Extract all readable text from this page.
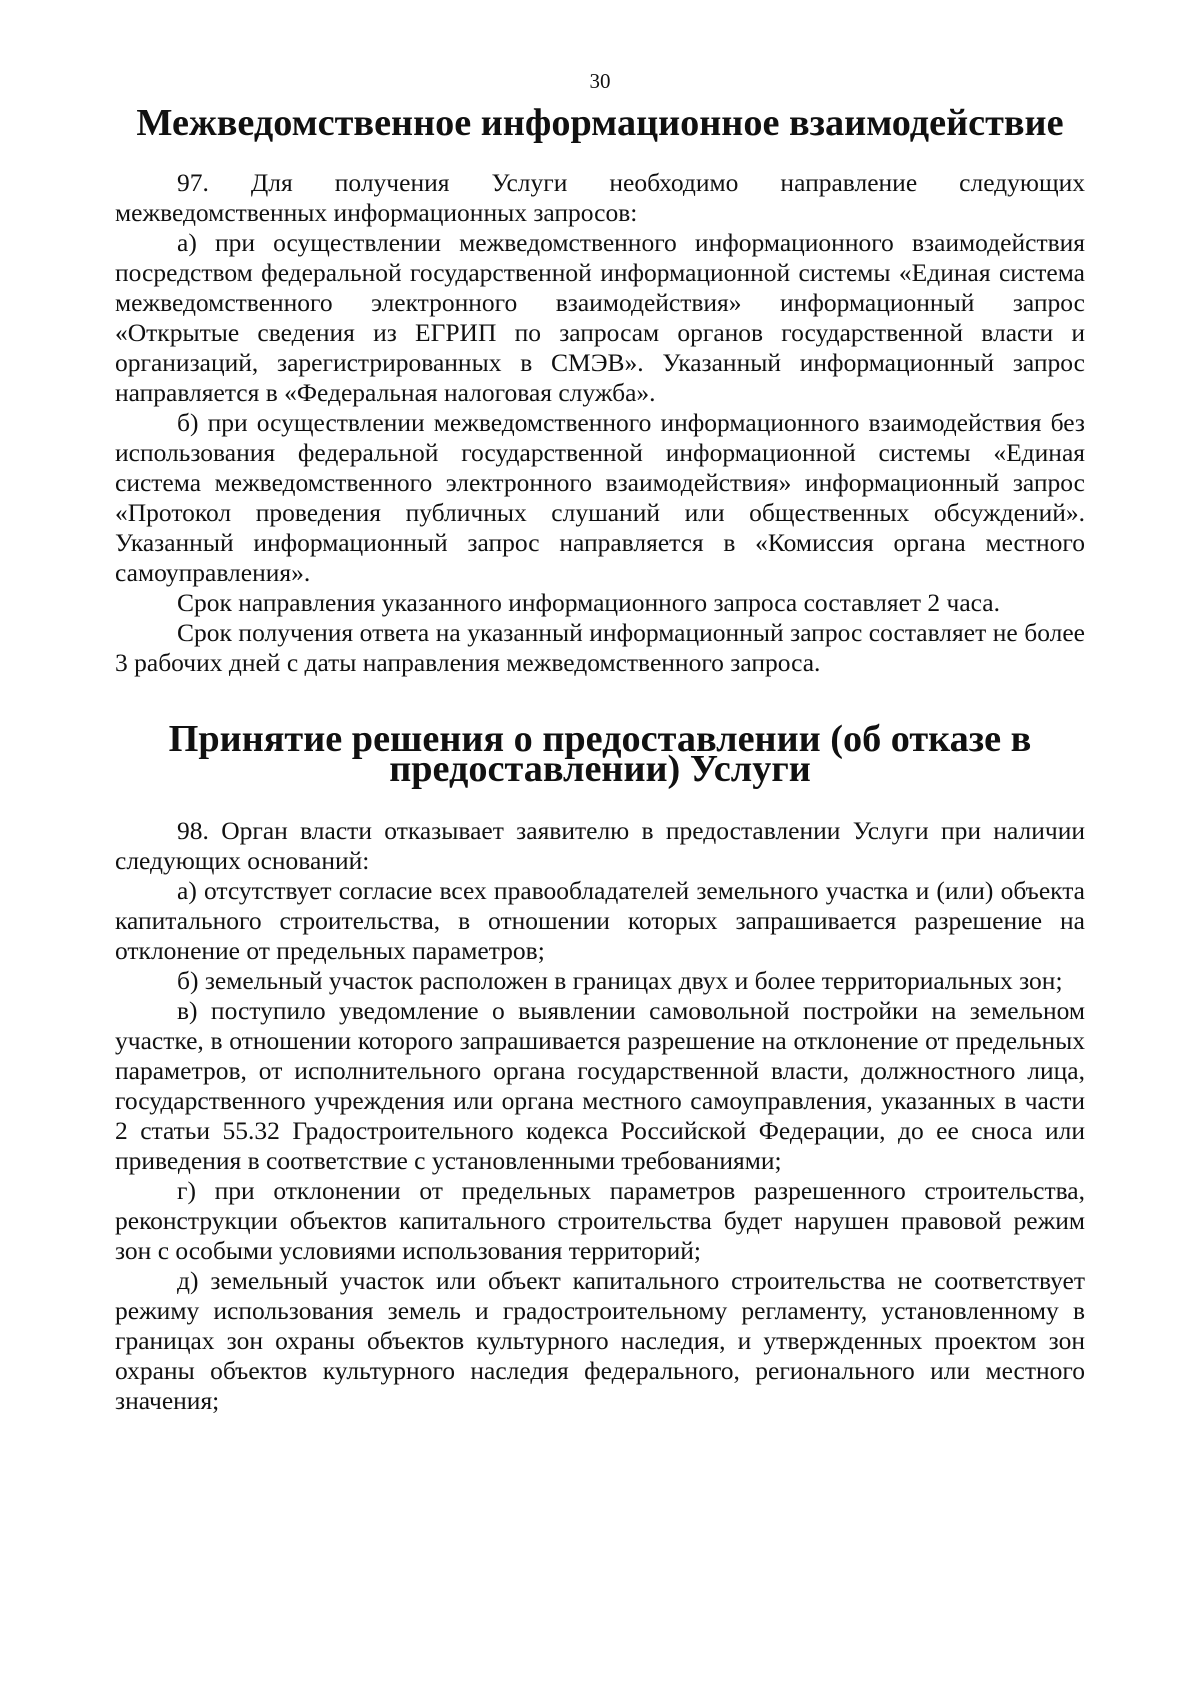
30
Межведомственное информационное взаимодействие

97. Для получения Услуги необходимо направление следующих межведомственных информационных запросов:

а) при осуществлении межведомственного информационного взаимодействия посредством федеральной государственной информационной системы «Единая система межведомственного электронного взаимодействия» информационный запрос «Открытые сведения из ЕГРИП по запросам органов государственной власти и организаций, зарегистрированных в СМЭВ». Указанный информационный запрос направляется в «Федеральная налоговая служба».

б) при осуществлении межведомственного информационного взаимодействия без использования федеральной государственной информационной системы «Единая система межведомственного электронного взаимодействия» информационный запрос «Протокол проведения публичных слушаний или общественных обсуждений». Указанный информационный запрос направляется в «Комиссия органа местного самоуправления».

Срок направления указанного информационного запроса составляет 2 часа.

Срок получения ответа на указанный информационный запрос составляет не более 3 рабочих дней с даты направления межведомственного запроса.

Принятие решения о предоставлении (об отказе в предоставлении) Услуги

98. Орган власти отказывает заявителю в предоставлении Услуги при наличии следующих оснований:

а) отсутствует согласие всех правообладателей земельного участка и (или) объекта капитального строительства, в отношении которых запрашивается разрешение на отклонение от предельных параметров;

б) земельный участок расположен в границах двух и более территориальных зон;

в) поступило уведомление о выявлении самовольной постройки на земельном участке, в отношении которого запрашивается разрешение на отклонение от предельных параметров, от исполнительного органа государственной власти, должностного лица, государственного учреждения или органа местного самоуправления, указанных в части 2 статьи 55.32 Градостроительного кодекса Российской Федерации, до ее сноса или приведения в соответствие с установленными требованиями;

г) при отклонении от предельных параметров разрешенного строительства, реконструкции объектов капитального строительства будет нарушен правовой режим зон с особыми условиями использования территорий;

д) земельный участок или объект капитального строительства не соответствует режиму использования земель и градостроительному регламенту, установленному в границах зон охраны объектов культурного наследия, и утвержденных проектом зон охраны объектов культурного наследия федерального, регионального или местного значения;
